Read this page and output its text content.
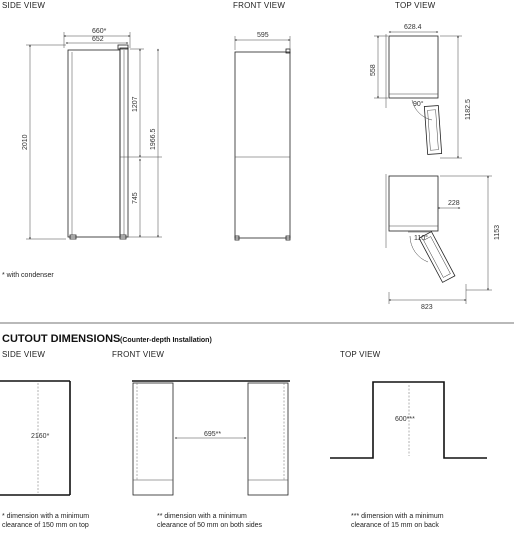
SIDE VIEW	FRONT VIEW	TOP VIEW
660*
652
2010
1207
745
1966.5
595
628.4
558
90°	1182.5
228
110°	1153
823
* with condenser
CUTOUT DIMENSIONS (Counter-depth Installation)
SIDE VIEW	FRONT VIEW	TOP VIEW
2160*	695**
600***
* dimension with a minimum clearance of 150 mm on top
** dimension with a minimum clearance of 50 mm on both sides
*** dimension with a minimum clearance of 15 mm on back
